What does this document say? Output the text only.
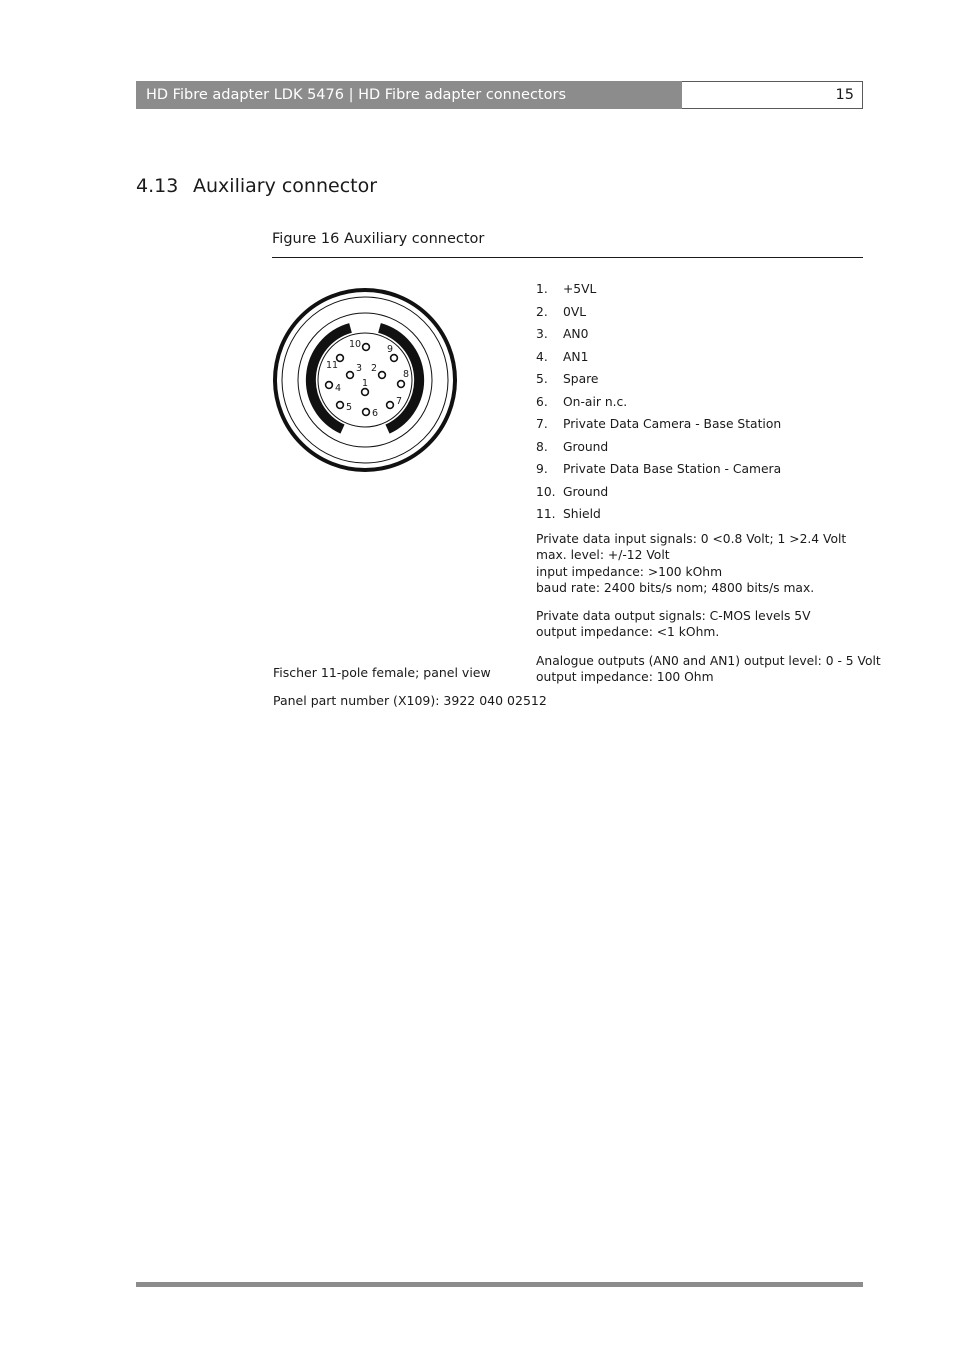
HD Fibre adapter LDK 5476 | HD Fibre adapter connectors	15
4.13 Auxiliary connector
Figure 16 Auxiliary connector
1
2
3
4
5
6
7
8
9
10
11
1. +5VL
2. 0VL
3. AN0
4. AN1
5. Spare
6. On-air n.c.
7. Private Data Camera - Base Station
8. Ground
9. Private Data Base Station - Camera
10. Ground
11. Shield
Private data input signals: 0 <0.8 Volt; 1 >2.4 Volt
max. level: +/-12 Volt
input impedance: >100 kOhm
baud rate: 2400 bits/s nom; 4800 bits/s max.
Private data output signals: C-MOS levels 5V
output impedance: <1 kOhm.
Analogue outputs (AN0 and AN1) output level: 0 - 5 Volt
output impedance: 100 Ohm
Fischer 11-pole female; panel view
Panel part number (X109): 3922 040 02512
